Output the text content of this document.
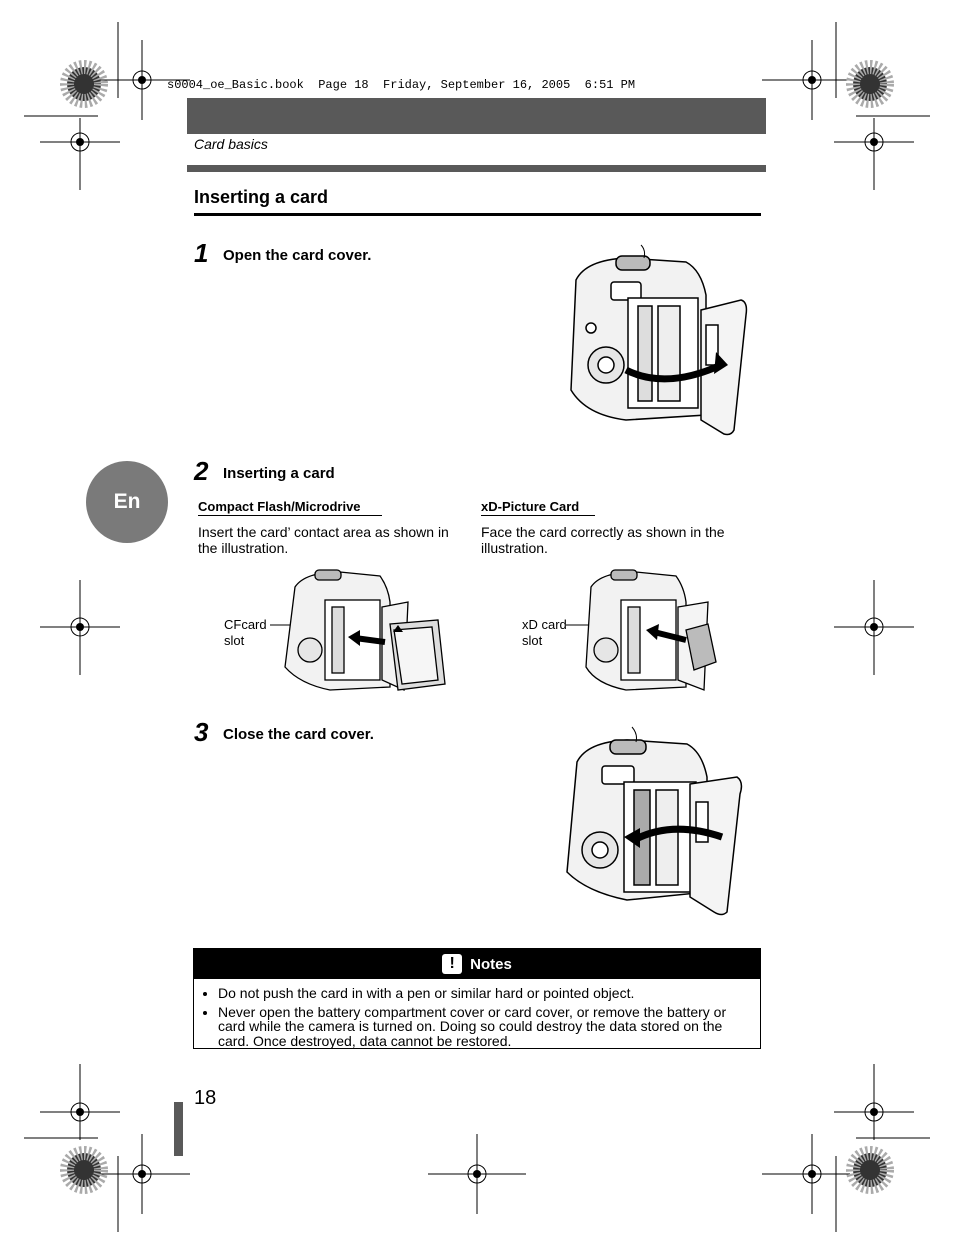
s0004_oe_Basic.book  Page 18  Friday, September 16, 2005  6:51 PM
Card basics
Inserting a card
En
1 Open the card cover.
2 Inserting a card
Compact Flash/Microdrive
Insert the card’ contact area as shown in
the illustration.
CFcard
slot
xD-Picture Card
Face the card correctly as shown in the
illustration.
xD card
slot
3 Close the card cover.
!	Notes
• Do not push the card in with a pen or similar hard or pointed object.
• Never open the battery compartment cover or card cover, or remove the battery or card while the camera is turned on. Doing so could destroy the data stored on the card. Once destroyed, data cannot be restored.
18
